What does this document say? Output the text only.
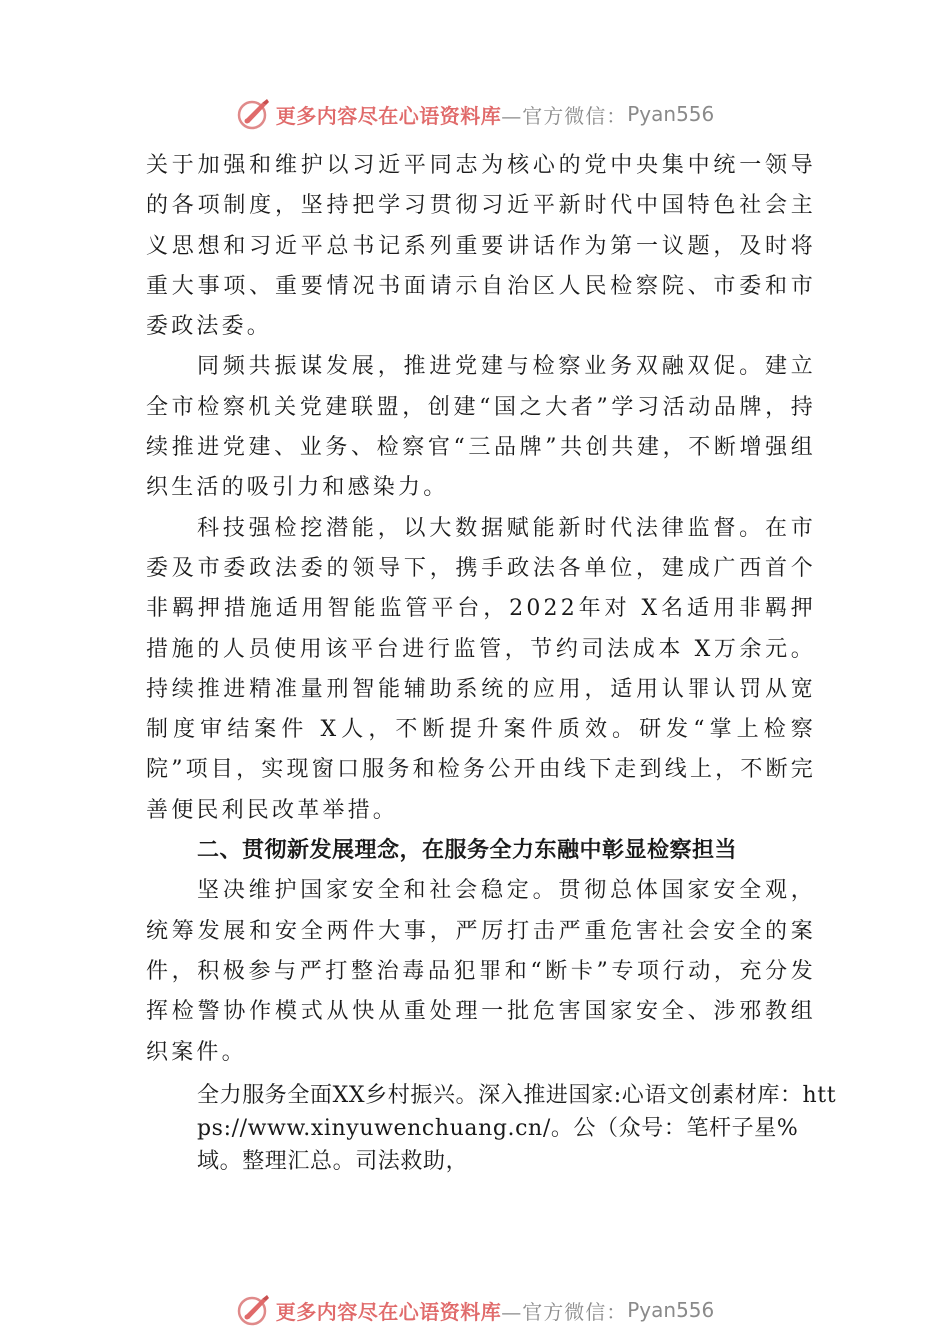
更多内容尽在心语资料库 —官方微信： Pyan556

关于加强和维护以习近平同志为核心的党中央集中统一领导的各项制度，坚持把学习贯彻习近平新时代中国特色社会主义思想和习近平总书记系列重要讲话作为第一议题，及时将重大事项、重要情况书面请示自治区人民检察院、市委和市委政法委。

同频共振谋发展，推进党建与检察业务双融双促。建立全市检察机关党建联盟，创建“国之大者”学习活动品牌，持续推进党建、业务、检察官“三品牌”共创共建，不断增强组织生活的吸引力和感染力。

科技强检挖潜能，以大数据赋能新时代法律监督。在市委及市委政法委的领导下，携手政法各单位，建成广西首个非羁押措施适用智能监管平台，2022年对 X名适用非羁押措施的人员使用该平台进行监管，节约司法成本 X万余元。持续推进精准量刑智能辅助系统的应用，适用认罪认罚从宽制度审结案件 X人，不断提升案件质效。研发“掌上检察院”项目，实现窗口服务和检务公开由线下走到线上，不断完善便民利民改革举措。

二、贯彻新发展理念，在服务全力东融中彰显检察担当

坚决维护国家安全和社会稳定。贯彻总体国家安全观，统筹发展和安全两件大事，严厉打击严重危害社会安全的案件，积极参与严打整治毒品犯罪和“断卡”专项行动，充分发挥检警协作模式从快从重处理一批危害国家安全、涉邪教组织案件。

全力服务全面XX乡村振兴。深入推进国家:心语文创素材库：https://www.xinyuwenchuang.cn/。公（众号：笔杆子星%域。整理汇总。司法救助，

更多内容尽在心语资料库 —官方微信： Pyan556
